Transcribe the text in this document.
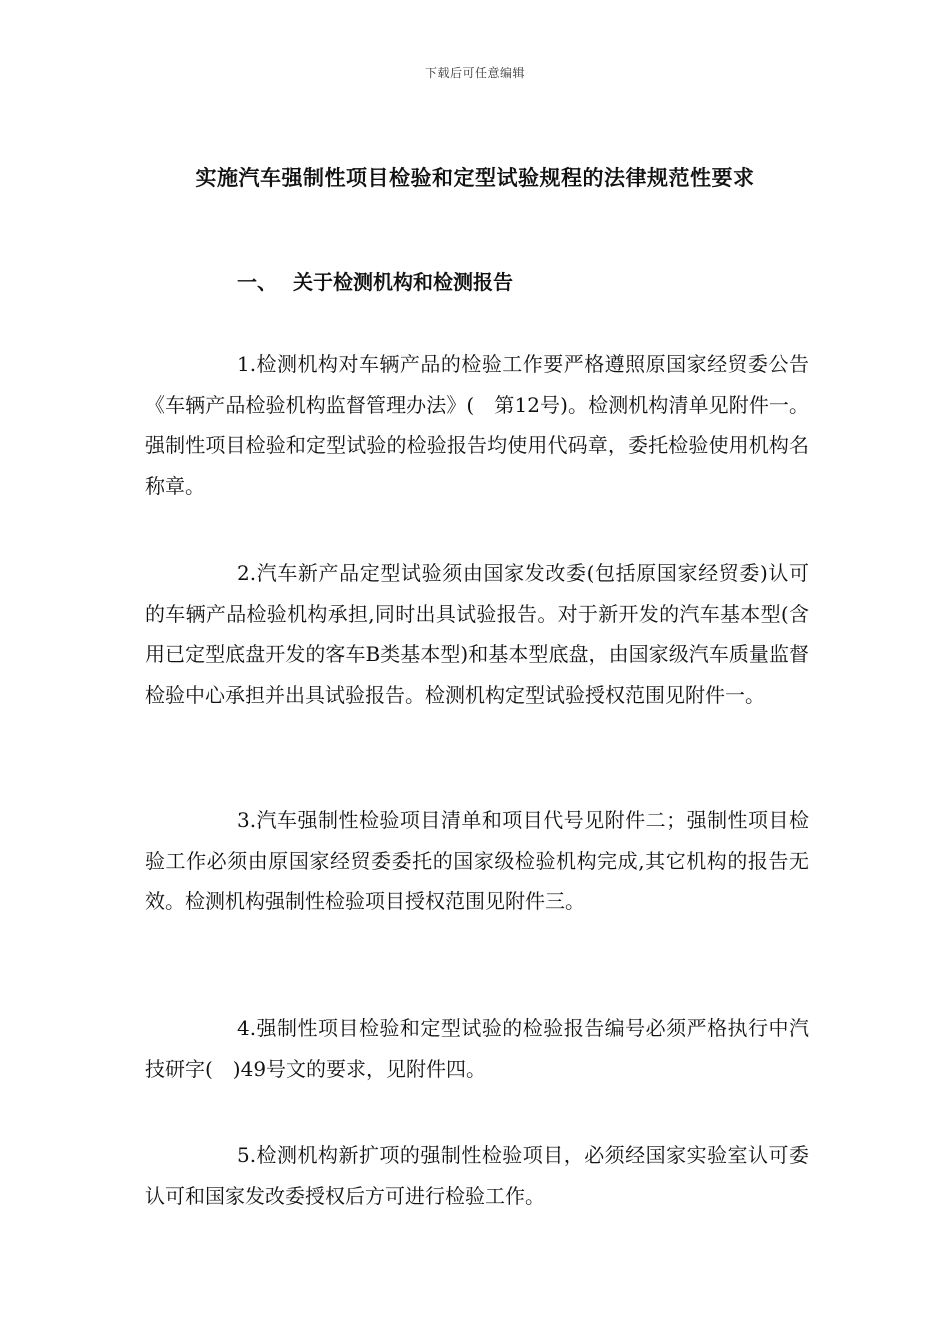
下载后可任意编辑
实施汽车强制性项目检验和定型试验规程的法律规范性要求
一、 关于检测机构和检测报告

1.检测机构对车辆产品的检验工作要严格遵照原国家经贸委公告《车辆产品检验机构监督管理办法》(　第12号)。检测机构清单见附件一。强制性项目检验和定型试验的检验报告均使用代码章，委托检验使用机构名称章。

2.汽车新产品定型试验须由国家发改委(包括原国家经贸委)认可的车辆产品检验机构承担,同时出具试验报告。对于新开发的汽车基本型(含用已定型底盘开发的客车B类基本型)和基本型底盘，由国家级汽车质量监督检验中心承担并出具试验报告。检测机构定型试验授权范围见附件一。

3.汽车强制性检验项目清单和项目代号见附件二；强制性项目检验工作必须由原国家经贸委委托的国家级检验机构完成,其它机构的报告无效。检测机构强制性检验项目授权范围见附件三。

4.强制性项目检验和定型试验的检验报告编号必须严格执行中汽技研字(　)49号文的要求，见附件四。

5.检测机构新扩项的强制性检验项目，必须经国家实验室认可委认可和国家发改委授权后方可进行检验工作。
